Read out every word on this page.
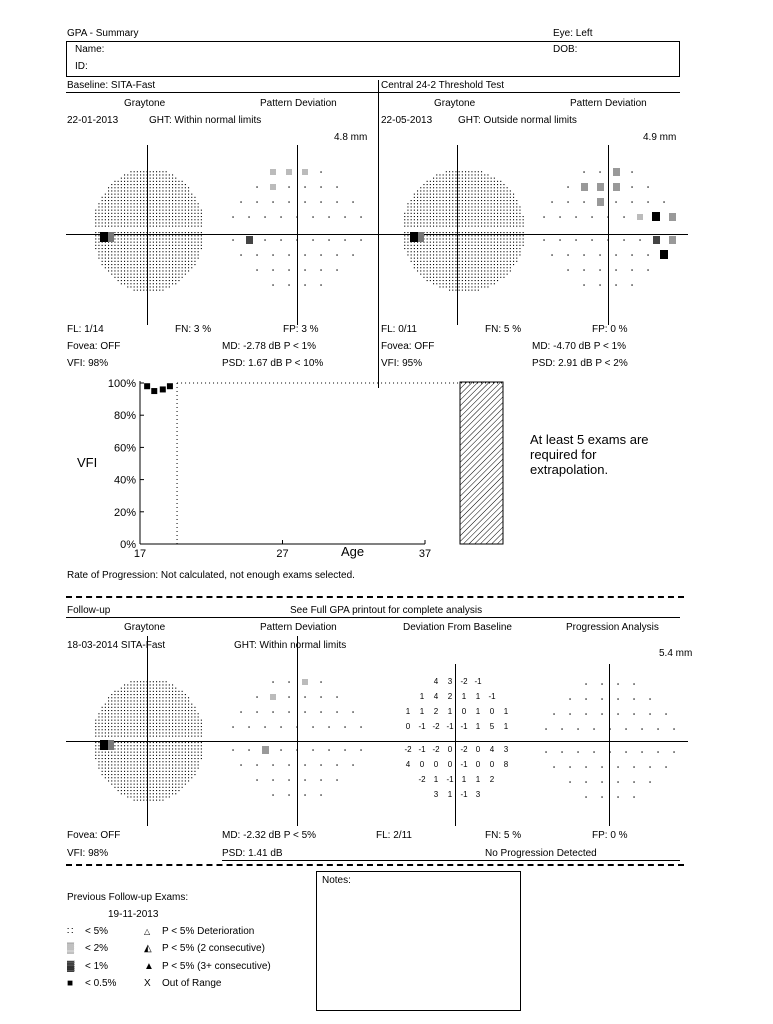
GPA - Summary	Eye: Left
Name:	DOB:
ID:
Baseline: SITA-Fast	Central 24-2 Threshold Test
Graytone	Pattern Deviation
22-01-2013	GHT: Within normal limits
4.8 mm
Graytone	Pattern Deviation
22-05-2013	GHT: Outside normal limits
4.9 mm
FL: 1/14	FN: 3 %	FP: 3 %
Fovea: OFF	MD: -2.78 dB P < 1%
VFI: 98%	PSD: 1.67 dB P < 10%
FL: 0/11	FN: 5 %	FP: 0 %
Fovea: OFF	MD: -4.70 dB P < 1%
VFI: 95%	PSD: 2.91 dB P < 2%
VFI
0%
20%
40%
60%
80%
100%
17	27	37
Age
At least 5 exams are required for extrapolation.
Rate of Progression: Not calculated, not enough exams selected.
Follow-up	See Full GPA printout for complete analysis
Graytone	Pattern Deviation	Deviation From Baseline	Progression Analysis
18-03-2014 SITA-Fast	GHT: Within normal limits
5.4 mm
4 3 -2 -1
1 4 2 1 1 -1
1 1 2 1 0 1 0 1
0 -1 -2 -1 -1 1 5 1
-2 -1 -2 0 -2 0 4 3
4 0 0 0 -1 0 0 8
-2 1 -1 1 1 2
3 1 -1 3
Fovea: OFF	MD: -2.32 dB P < 5%	FL: 2/11	FN: 5 %	FP: 0 %
VFI: 98%	PSD: 1.41 dB	No Progression Detected
Previous Follow-up Exams:
19-11-2013
∷ < 5%
▒ < 2%
▓ < 1%
■ < 0.5%
△ P < 5% Deterioration
◭ P < 5% (2 consecutive)
▲ P < 5% (3+ consecutive)
X Out of Range
Notes:
